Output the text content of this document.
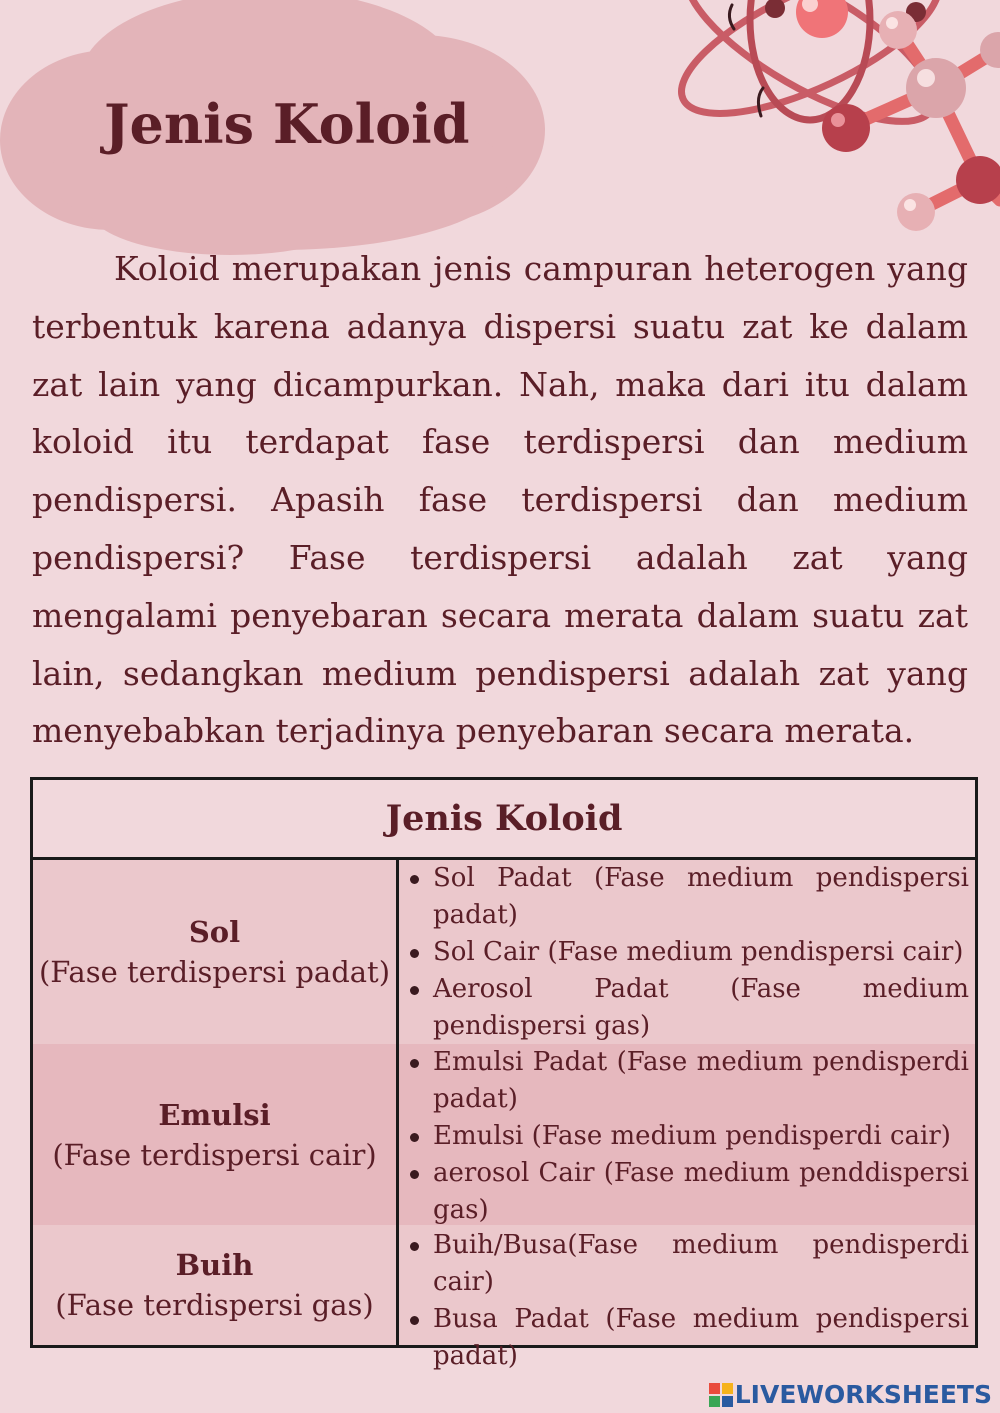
Jenis Koloid

Koloid merupakan jenis campuran heterogen yang terbentuk karena adanya dispersi suatu zat ke dalam zat lain yang dicampurkan. Nah, maka dari itu dalam koloid itu terdapat fase terdispersi dan medium pendispersi. Apasih fase terdispersi dan medium pendispersi? Fase terdispersi adalah zat yang mengalami penyebaran secara merata dalam suatu zat lain, sedangkan medium pendispersi adalah zat yang menyebabkan terjadinya penyebaran secara merata.

Jenis Koloid
Sol
(Fase terdispersi padat)
Sol Padat (Fase medium pendispersi padat)
Sol Cair (Fase medium pendispersi cair)
Aerosol Padat (Fase medium pendispersi gas)
Emulsi
(Fase terdispersi cair)
Emulsi Padat (Fase medium pendisperdi padat)
Emulsi (Fase medium pendisperdi cair)
aerosol Cair (Fase medium penddispersi gas)
Buih
(Fase terdispersi gas)
Buih/Busa(Fase medium pendisperdi cair)
Busa Padat (Fase medium pendispersi padat)
LIVEWORKSHEETS
